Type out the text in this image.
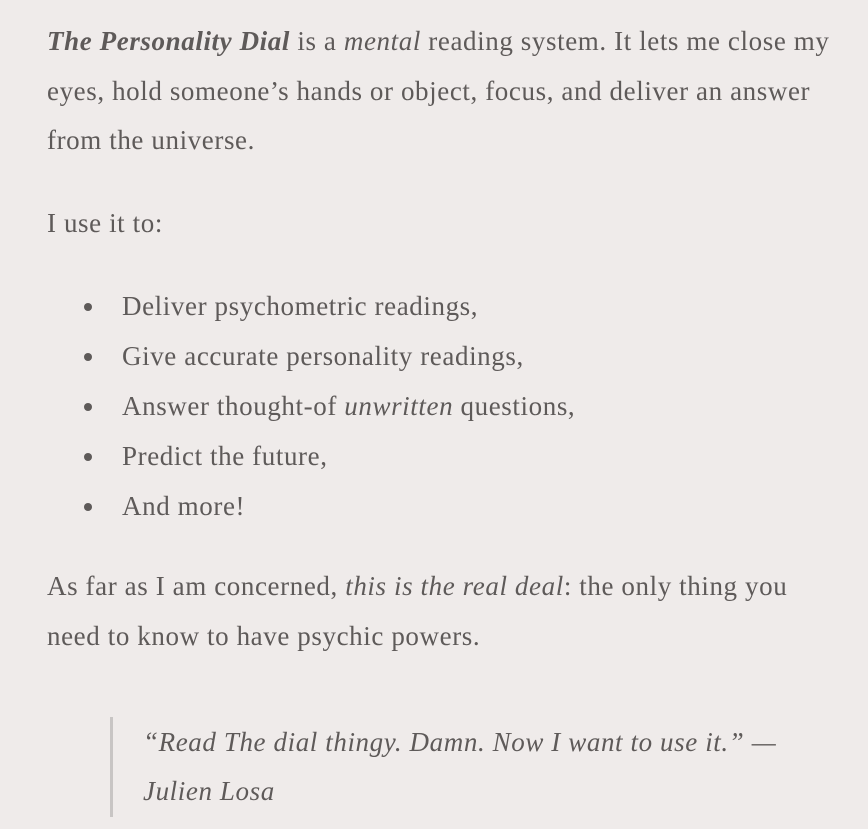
The Personality Dial is a mental reading system. It lets me close my eyes, hold someone’s hands or object, focus, and deliver an answer from the universe.

I use it to:

Deliver psychometric readings,
Give accurate personality readings,
Answer thought-of unwritten questions,
Predict the future,
And more!

As far as I am concerned, this is the real deal: the only thing you need to know to have psychic powers.

“Read The dial thingy. Damn. Now I want to use it.” — Julien Losa
